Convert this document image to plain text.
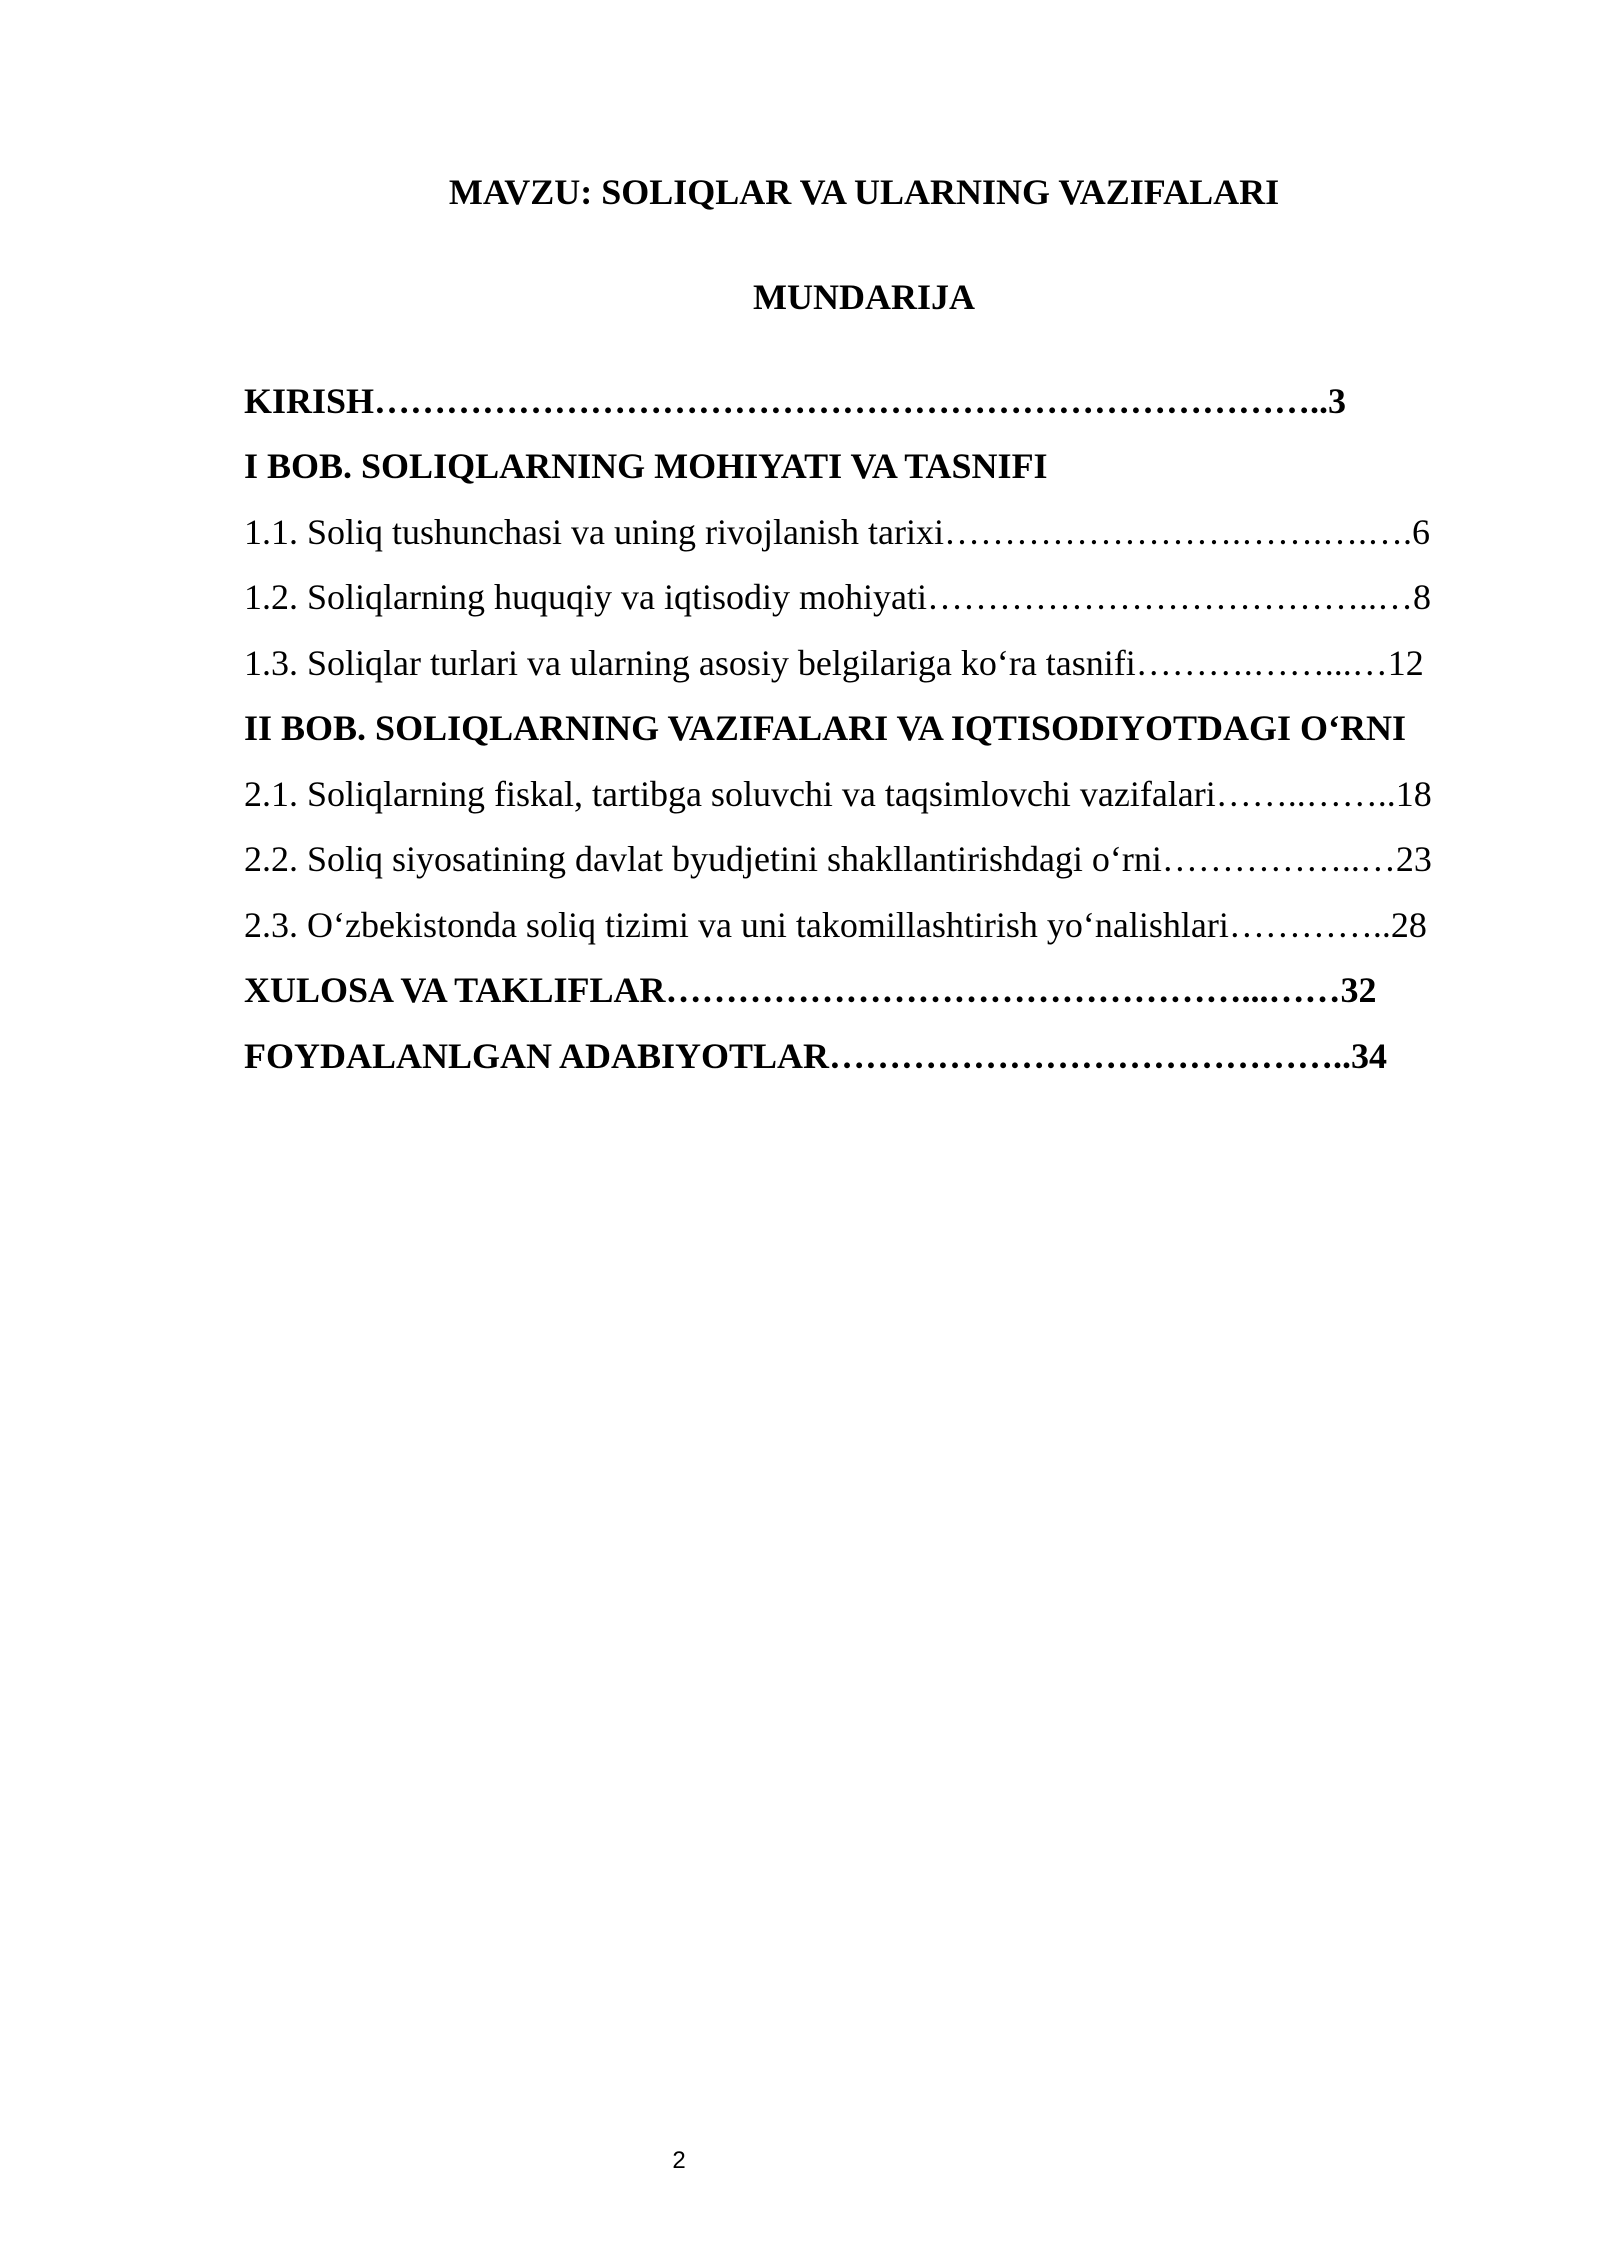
MAVZU: SOLIQLAR VA ULARNING VAZIFALARI
MUNDARIJA
KIRISH……………………………………………………………………..3
I BOB. SOLIQLARNING MOHIYATI VA TASNIFI
1.1. Soliq tushunchasi va uning rivojlanish tarixi…………………….…….….….6
1.2. Soliqlarning huquqiy va iqtisodiy mohiyati………………………………..…8
1.3. Soliqlar turlari va ularning asosiy belgilariga ko‘ra tasnifi……….……...…12
II BOB. SOLIQLARNING VAZIFALARI VA IQTISODIYOTDAGI O‘RNI
2.1. Soliqlarning fiskal, tartibga soluvchi va taqsimlovchi vazifalari……..……..18
2.2. Soliq siyosatining davlat byudjetini shakllantirishdagi o‘rni……………..…23
2.3. O‘zbekistonda soliq tizimi va uni takomillashtirish yo‘nalishlari…………..28
XULOSA VA TAKLIFLAR…………………………………………...……32
FOYDALANLGAN ADABIYOTLAR……………………………………..34
2
